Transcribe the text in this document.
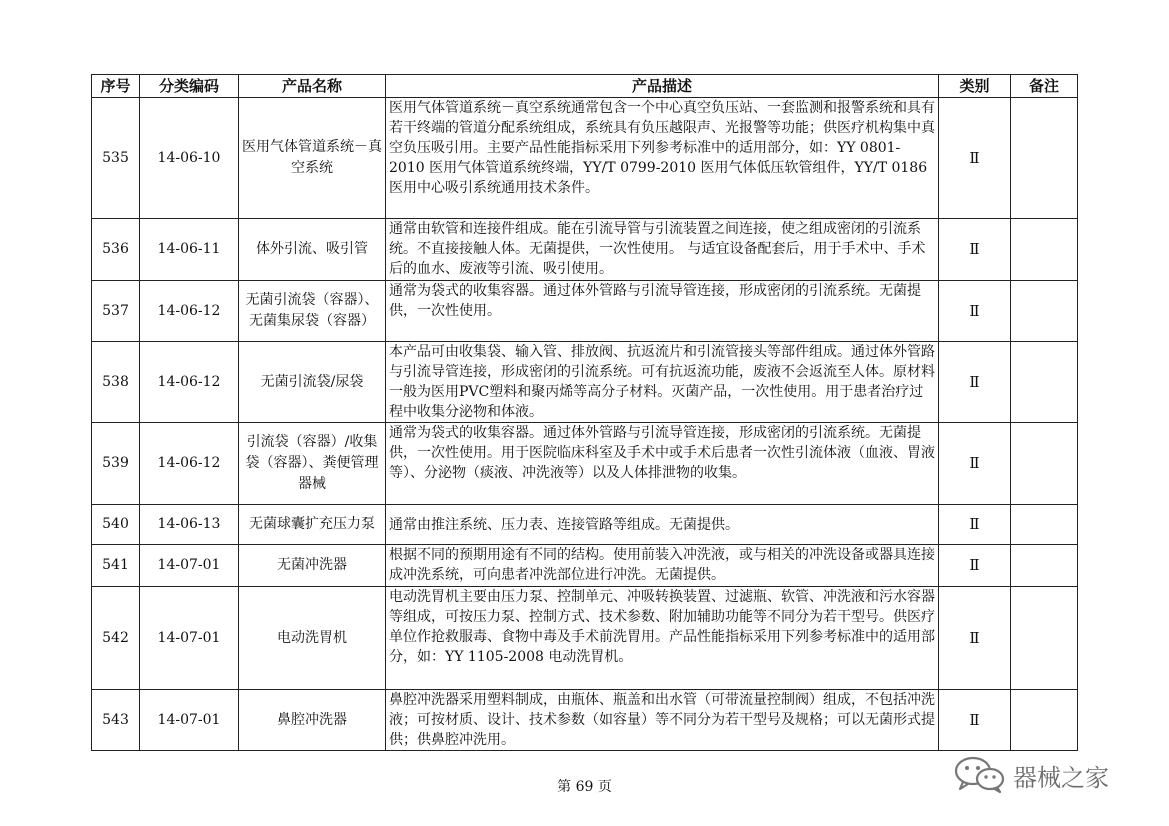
序号	分类编码	产品名称	产品描述	类别	备注
535	14-06-10	医用气体管道系统－真空系统	医用气体管道系统－真空系统通常包含一个中心真空负压站、一套监测和报警系统和具有若干终端的管道分配系统组成，系统具有负压越限声、光报警等功能；供医疗机构集中真空负压吸引用。主要产品性能指标采用下列参考标准中的适用部分，如：YY 0801-2010 医用气体管道系统终端，YY/T 0799-2010 医用气体低压软管组件，YY/T 0186 医用中心吸引系统通用技术条件。	Ⅱ	
536	14-06-11	体外引流、吸引管	通常由软管和连接件组成。能在引流导管与引流装置之间连接，使之组成密闭的引流系统。不直接接触人体。无菌提供，一次性使用。 与适宜设备配套后，用于手术中、手术后的血水、废液等引流、吸引使用。	Ⅱ	
537	14-06-12	无菌引流袋（容器）、无菌集尿袋（容器）	通常为袋式的收集容器。通过体外管路与引流导管连接，形成密闭的引流系统。无菌提供，一次性使用。	Ⅱ	
538	14-06-12	无菌引流袋/尿袋	本产品可由收集袋、输入管、排放阀、抗返流片和引流管接头等部件组成。通过体外管路与引流导管连接，形成密闭的引流系统。可有抗返流功能，废液不会返流至人体。原材料一般为医用PVC塑料和聚丙烯等高分子材料。灭菌产品，一次性使用。用于患者治疗过程中收集分泌物和体液。	Ⅱ	
539	14-06-12	引流袋（容器）/收集袋（容器）、粪便管理器械	通常为袋式的收集容器。通过体外管路与引流导管连接，形成密闭的引流系统。无菌提供，一次性使用。用于医院临床科室及手术中或手术后患者一次性引流体液（血液、胃液等）、分泌物（痰液、冲洗液等）以及人体排泄物的收集。	Ⅱ	
540	14-06-13	无菌球囊扩充压力泵	通常由推注系统、压力表、连接管路等组成。无菌提供。	Ⅱ	
541	14-07-01	无菌冲洗器	根据不同的预期用途有不同的结构。使用前装入冲洗液，或与相关的冲洗设备或器具连接成冲洗系统，可向患者冲洗部位进行冲洗。无菌提供。	Ⅱ	
542	14-07-01	电动洗胃机	电动洗胃机主要由压力泵、控制单元、冲吸转换装置、过滤瓶、软管、冲洗液和污水容器等组成，可按压力泵、控制方式、技术参数、附加辅助功能等不同分为若干型号。供医疗单位作抢救服毒、食物中毒及手术前洗胃用。产品性能指标采用下列参考标准中的适用部分，如：YY 1105-2008 电动洗胃机。	Ⅱ	
543	14-07-01	鼻腔冲洗器	鼻腔冲洗器采用塑料制成，由瓶体、瓶盖和出水管（可带流量控制阀）组成，不包括冲洗液；可按材质、设计、技术参数（如容量）等不同分为若干型号及规格；可以无菌形式提供；供鼻腔冲洗用。	Ⅱ	
器械之家
第 69 页
